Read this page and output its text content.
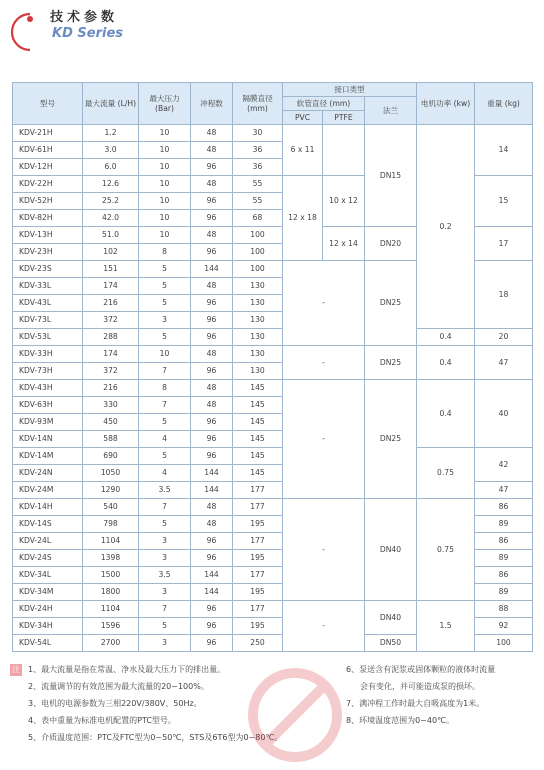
技术参数
KD Series
型号	最大流量 (L/H)	最大压力 (Bar)	冲程数	隔膜直径 (mm)	接口类型			电机功率 (kw)	重量 (kg)
					软管直径 (mm)		法兰		
					PVC	PTFE			
KDV-21H	1.2	10	48	30	6 x 11		DN15	0.2	14
KDV-61H	3.0	10	48	36					
KDV-12H	6.0	10	96	36					
KDV-22H	12.6	10	48	55	12 x 18	10 x 12			15
KDV-52H	25.2	10	96	55					
KDV-82H	42.0	10	96	68					
KDV-13H	51.0	10	48	100		12 x 14	DN20		17
KDV-23H	102	8	96	100					
KDV-23S	151	5	144	100	-		DN25		18
KDV-33L	174	5	48	130					
KDV-43L	216	5	96	130					
KDV-73L	372	3	96	130					
KDV-53L	288	5	96	130				0.4	20
KDV-33H	174	10	48	130	-		DN25	0.4	47
KDV-73H	372	7	96	130					
KDV-43H	216	8	48	145	-		DN25	0.4	40
KDV-63H	330	7	48	145					
KDV-93M	450	5	96	145					
KDV-14N	588	4	96	145					
KDV-14M	690	5	96	145				0.75	42
KDV-24N	1050	4	144	145					
KDV-24M	1290	3.5	144	177					47
KDV-14H	540	7	48	177	-		DN40	0.75	86
KDV-14S	798	5	48	195					89
KDV-24L	1104	3	96	177					86
KDV-24S	1398	3	96	195					89
KDV-34L	1500	3.5	144	177					86
KDV-34M	1800	3	144	195					89
KDV-24H	1104	7	96	177	-		DN40	1.5	88
KDV-34H	1596	5	96	195					92
KDV-54L	2700	3	96	250			DN50		100
注 1、最大流量是指在常温、净水及最大压力下的排出量。
2、流量调节的有效范围为最大流量的20~100%。
3、电机的电源参数为三相220V/380V、50Hz。
4、表中重量为标准电机配置的PTC型号。
5、介质温度范围：PTC及FTC型为0~50℃，STS及6T6型为0~80℃。
6、泵送含有泥浆或固体颗粒的液体时流量
会有变化，并可能造成泵的损坏。
7、满冲程工作时最大自吸高度为1米。
8、环境温度范围为0~40℃。
